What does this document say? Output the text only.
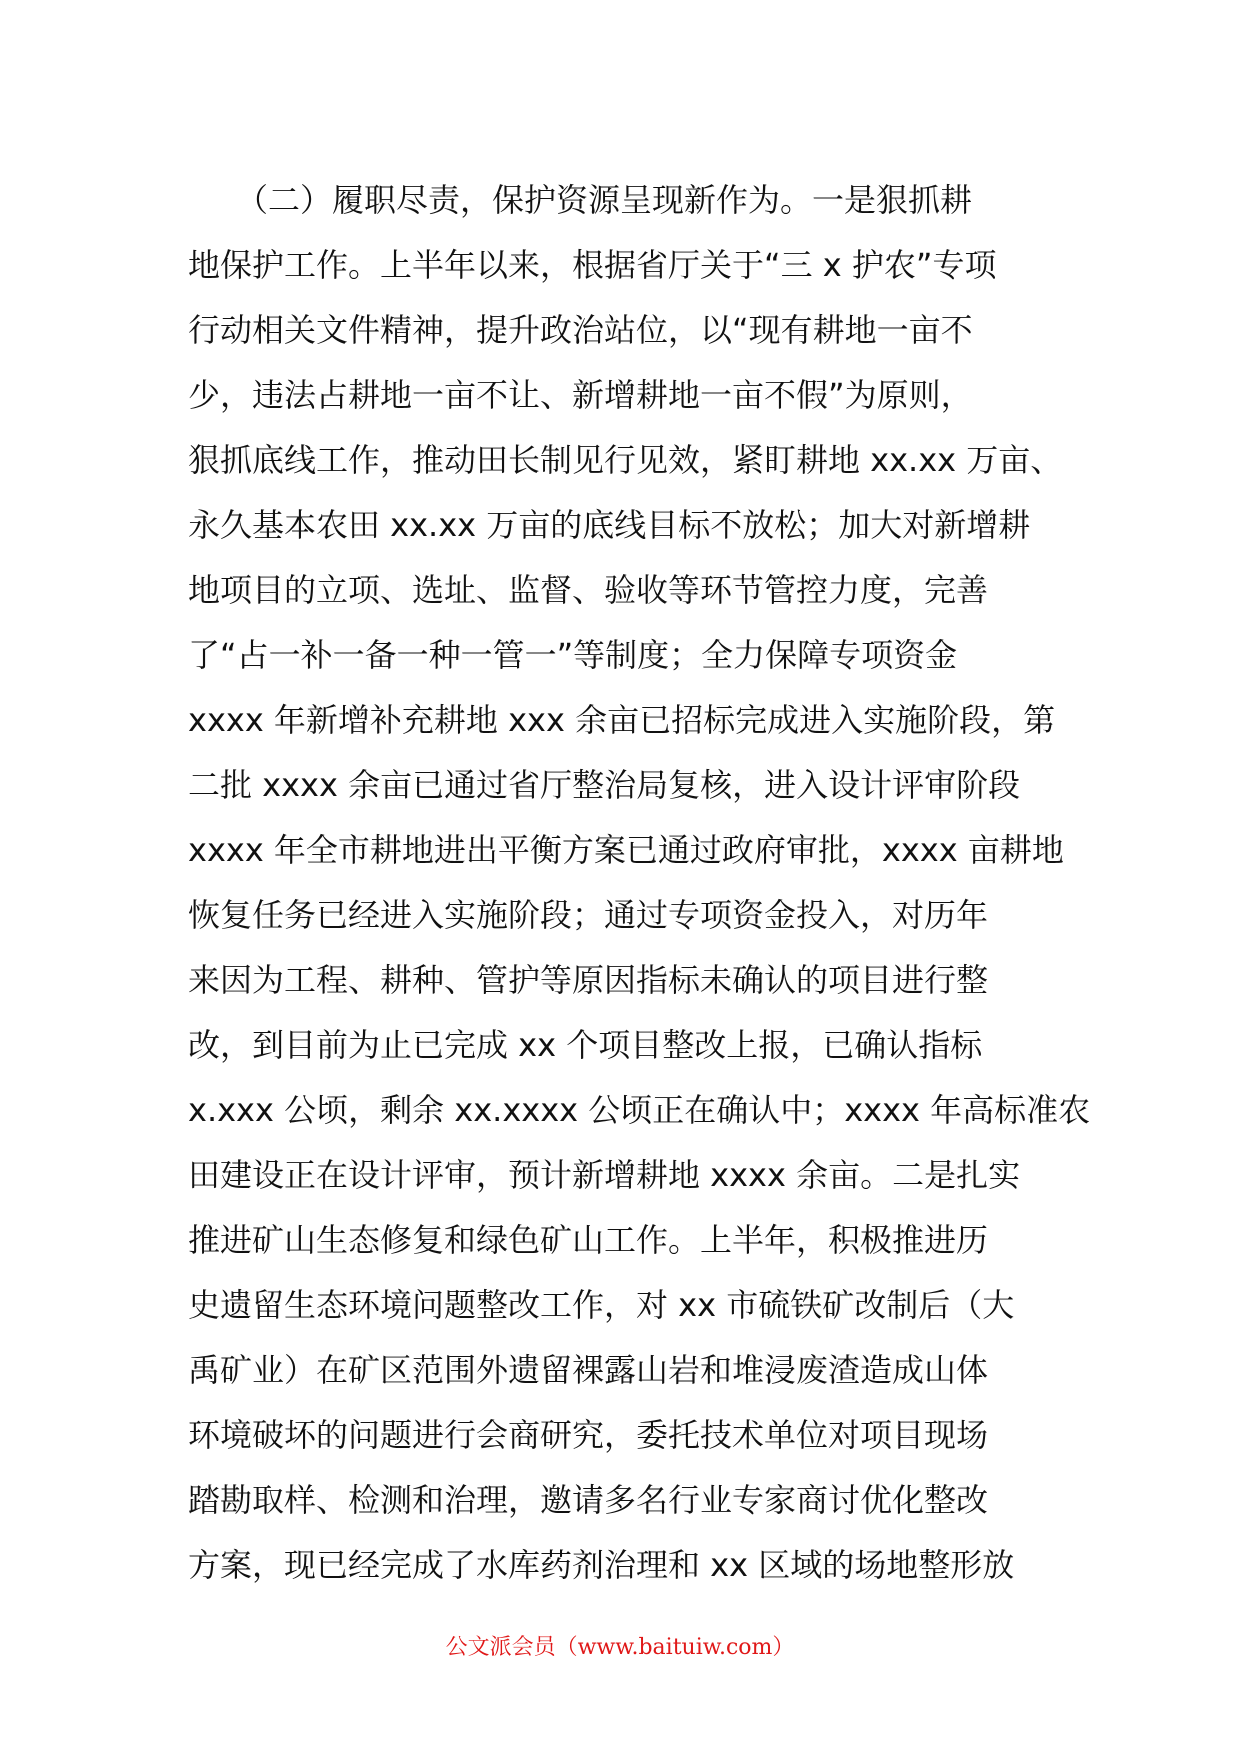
（二）履职尽责，保护资源呈现新作为。一是狠抓耕
地保护工作。上半年以来，根据省厅关于“三 x 护农”专项
行动相关文件精神，提升政治站位，以“现有耕地一亩不
少，违法占耕地一亩不让、新增耕地一亩不假”为原则，
狠抓底线工作，推动田长制见行见效，紧盯耕地 xx.xx 万亩、
永久基本农田 xx.xx 万亩的底线目标不放松；加大对新增耕
地项目的立项、选址、监督、验收等环节管控力度，完善
了“占一补一备一种一管一”等制度；全力保障专项资金
xxxx 年新增补充耕地 xxx 余亩已招标完成进入实施阶段，第
二批 xxxx 余亩已通过省厅整治局复核，进入设计评审阶段
xxxx 年全市耕地进出平衡方案已通过政府审批，xxxx 亩耕地
恢复任务已经进入实施阶段；通过专项资金投入，对历年
来因为工程、耕种、管护等原因指标未确认的项目进行整
改，到目前为止已完成 xx 个项目整改上报，已确认指标
x.xxx 公顷，剩余 xx.xxxx 公顷正在确认中；xxxx 年高标准农
田建设正在设计评审，预计新增耕地 xxxx 余亩。二是扎实
推进矿山生态修复和绿色矿山工作。上半年，积极推进历
史遗留生态环境问题整改工作，对 xx 市硫铁矿改制后（大
禹矿业）在矿区范围外遗留裸露山岩和堆浸废渣造成山体
环境破坏的问题进行会商研究，委托技术单位对项目现场
踏勘取样、检测和治理，邀请多名行业专家商讨优化整改
方案，现已经完成了水库药剂治理和 xx 区域的场地整形放
公文派会员（www.baituiw.com）
